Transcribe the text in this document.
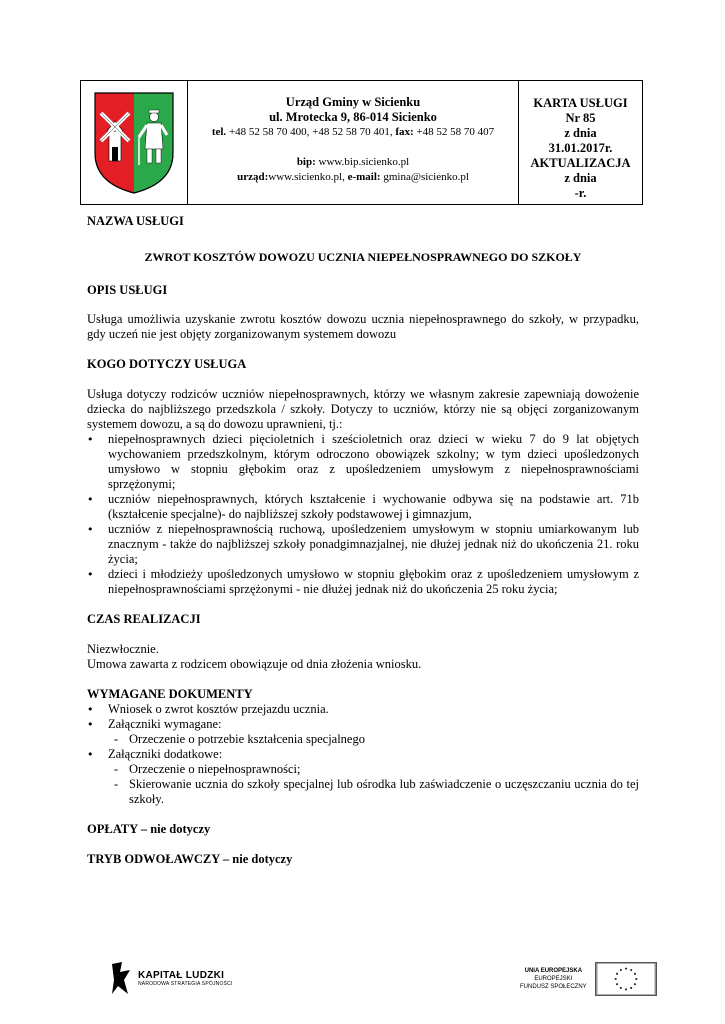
Urząd Gminy w Sicienku
ul. Mrotecka 9, 86-014 Sicienko
tel. +48 52 58 70 400, +48 52 58 70 401, fax: +48 52 58 70 407
bip: www.bip.sicienko.pl
urząd:www.sicienko.pl, e-mail: gmina@sicienko.pl
KARTA USŁUGI
Nr 85
z dnia
31.01.2017r.
AKTUALIZACJA
z dnia
-r.
NAZWA USŁUGI
ZWROT KOSZTÓW DOWOZU UCZNIA NIEPEŁNOSPRAWNEGO DO SZKOŁY
OPIS USŁUGI
Usługa umożliwia uzyskanie zwrotu kosztów dowozu ucznia niepełnosprawnego do szkoły, w przypadku, gdy uczeń nie jest objęty zorganizowanym systemem dowozu
KOGO DOTYCZY USŁUGA
Usługa dotyczy rodziców uczniów niepełnosprawnych, którzy we własnym zakresie zapewniają dowożenie dziecka do najbliższego przedszkola / szkoły. Dotyczy to uczniów, którzy nie są objęci zorganizowanym systemem dowozu, a są do dowozu uprawnieni, tj.:
• niepełnosprawnych dzieci pięcioletnich i sześcioletnich oraz dzieci w wieku 7 do 9 lat objętych wychowaniem przedszkolnym, którym odroczono obowiązek szkolny; w tym dzieci upośledzonych umysłowo w stopniu głębokim oraz z upośledzeniem umysłowym z niepełnosprawnościami sprzężonymi;
• uczniów niepełnosprawnych, których kształcenie i wychowanie odbywa się na podstawie art. 71b (kształcenie specjalne)- do najbliższej szkoły podstawowej i gimnazjum,
• uczniów z niepełnosprawnością ruchową, upośledzeniem umysłowym w stopniu umiarkowanym lub znacznym - także do najbliższej szkoły ponadgimnazjalnej, nie dłużej jednak niż do ukończenia 21. roku życia;
• dzieci i młodzieży upośledzonych umysłowo w stopniu głębokim oraz z upośledzeniem umysłowym z niepełnosprawnościami sprzężonymi - nie dłużej jednak niż do ukończenia 25 roku życia;
CZAS REALIZACJI
Niezwłocznie.
Umowa zawarta z rodzicem obowiązuje od dnia złożenia wniosku.
WYMAGANE DOKUMENTY
• Wniosek o zwrot kosztów przejazdu ucznia.
• Załączniki wymagane:
- Orzeczenie o potrzebie kształcenia specjalnego
• Załączniki dodatkowe:
- Orzeczenie o niepełnosprawności;
- Skierowanie ucznia do szkoły specjalnej lub ośrodka lub zaświadczenie o uczęszczaniu ucznia do tej szkoły.
OPŁATY – nie dotyczy
TRYB ODWOŁAWCZY – nie dotyczy
KAPITAŁ LUDZKI
NARODOWA STRATEGIA SPÓJNOŚCI
UNIA EUROPEJSKA
EUROPEJSKI
FUNDUSZ SPOŁECZNY
